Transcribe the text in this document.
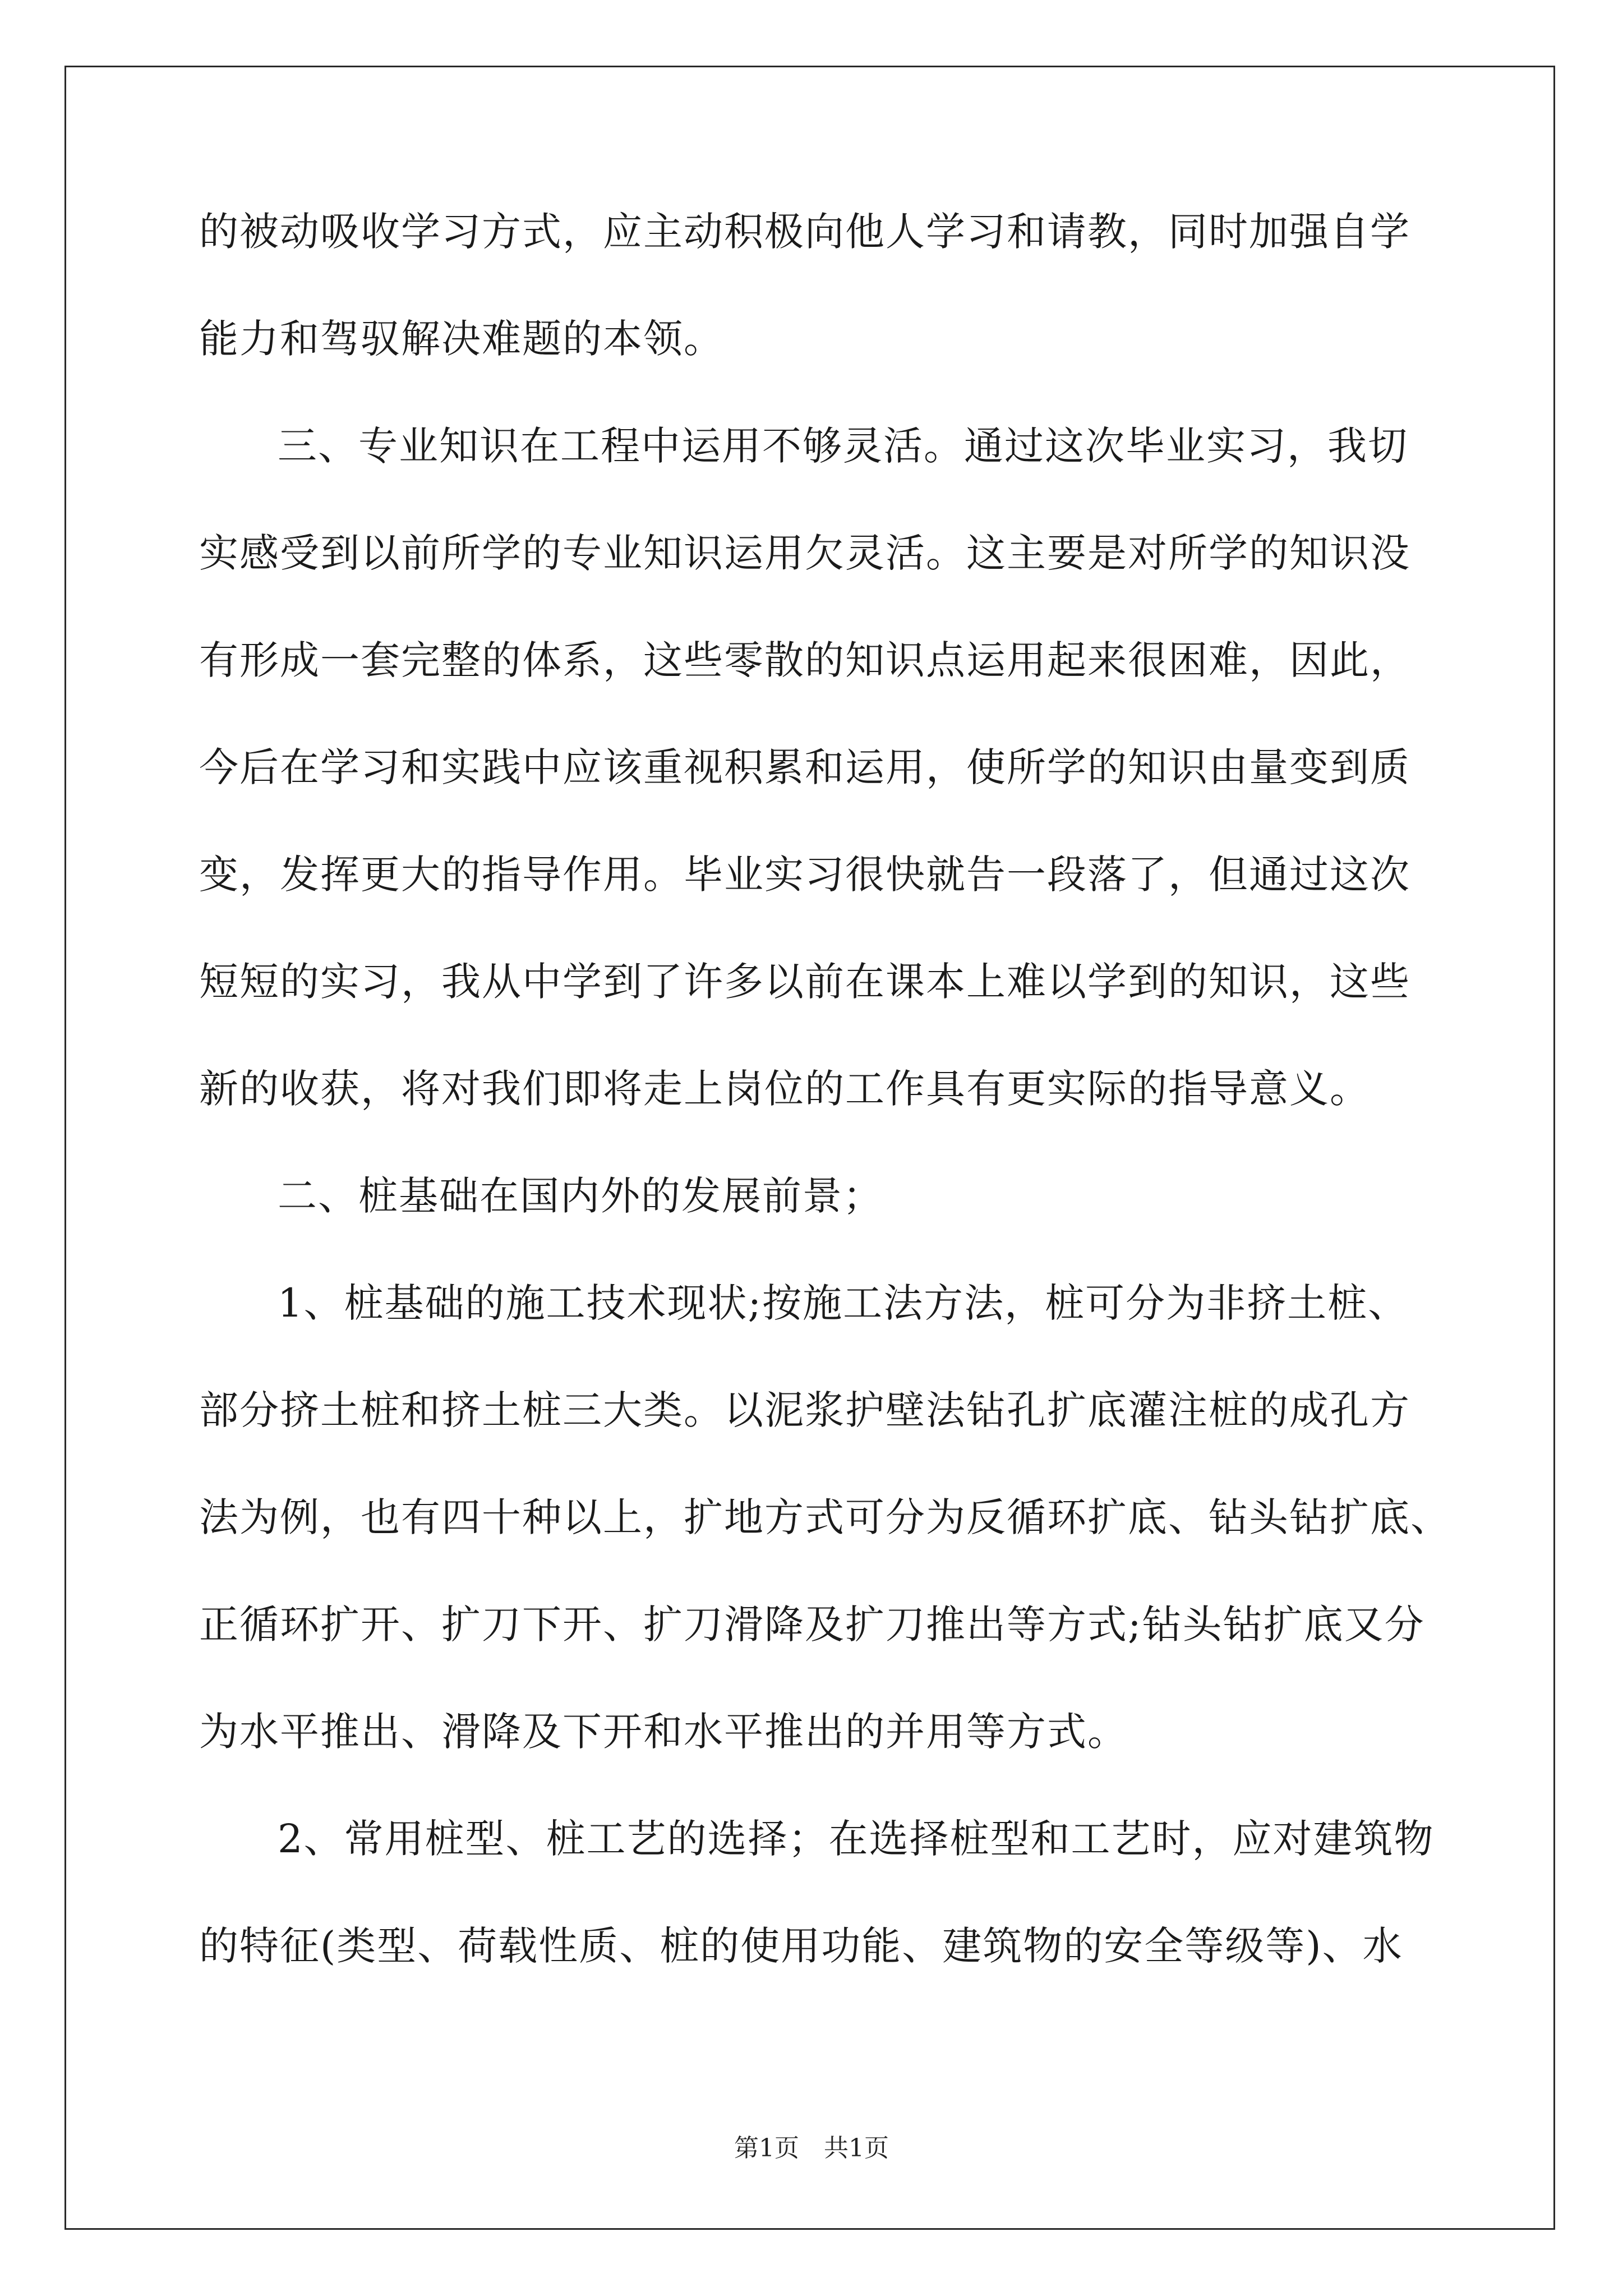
的被动吸收学习方式，应主动积极向他人学习和请教，同时加强自学
能力和驾驭解决难题的本领。
三、专业知识在工程中运用不够灵活。通过这次毕业实习，我切
实感受到以前所学的专业知识运用欠灵活。这主要是对所学的知识没
有形成一套完整的体系，这些零散的知识点运用起来很困难，因此，
今后在学习和实践中应该重视积累和运用，使所学的知识由量变到质
变，发挥更大的指导作用。毕业实习很快就告一段落了，但通过这次
短短的实习，我从中学到了许多以前在课本上难以学到的知识，这些
新的收获，将对我们即将走上岗位的工作具有更实际的指导意义。
二、桩基础在国内外的发展前景；
1、桩基础的施工技术现状;按施工法方法，桩可分为非挤土桩、
部分挤土桩和挤土桩三大类。以泥浆护壁法钻孔扩底灌注桩的成孔方
法为例，也有四十种以上，扩地方式可分为反循环扩底、钻头钻扩底、
正循环扩开、扩刀下开、扩刀滑降及扩刀推出等方式;钻头钻扩底又分
为水平推出、滑降及下开和水平推出的并用等方式。
2、常用桩型、桩工艺的选择；在选择桩型和工艺时，应对建筑物
的特征(类型、荷载性质、桩的使用功能、建筑物的安全等级等)、水
第1页　共1页
